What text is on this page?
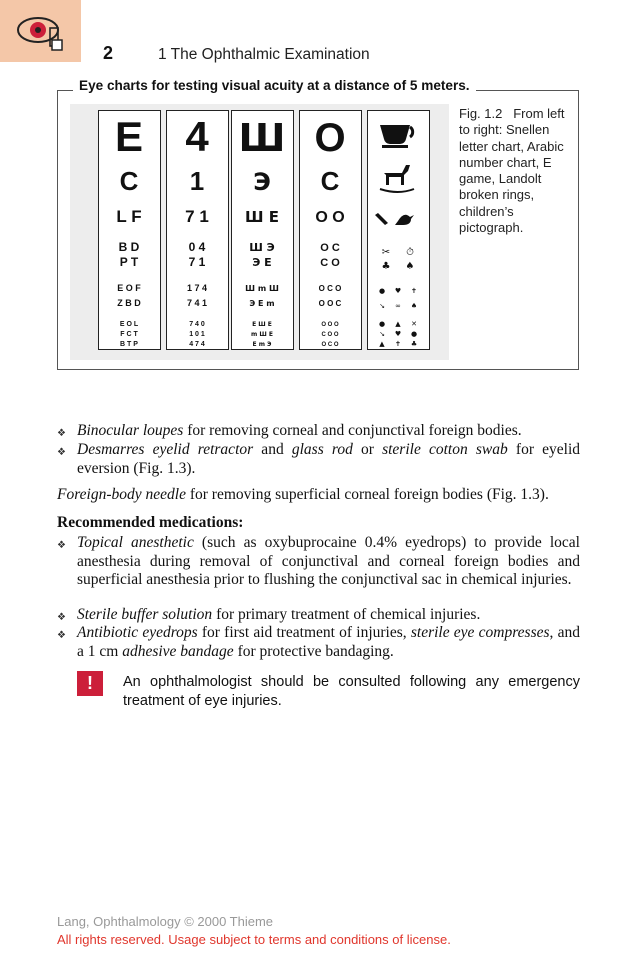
2	1 The Ophthalmic Examination
Eye charts for testing visual acuity at a distance of 5 meters.
E
C
L F
B D
P T
E O F
Z B D
E O L
F C T
B T P
4
1
7 1
0 4
7 1
1 7 4
7 4 1
7 4 0
1 0 1
4 7 4
Ш
Э
Ш E
Ш Э
Э E
Ш m Ш
Э E m
E Ш E
m Ш E
E m Э
O
C
O O
O C
C O
O C O
O O C
O O O
C O O
O C O
✂ ⏱
♣ ♠
● ♥ ✝
↘ ∞ ♠
● ▲ ✕
↘ ♥ ●
▲ ✝ ♣
Fig. 1.2 From left to right: Snellen letter chart, Arabic number chart, E game, Landolt broken rings, children’s pictograph.
❖ Binocular loupes for removing corneal and conjunctival foreign bodies.
❖ Desmarres eyelid retractor and glass rod or sterile cotton swab for eyelid eversion (Fig. 1.3).
Foreign-body needle for removing superficial corneal foreign bodies (Fig. 1.3).
Recommended medications:
❖ Topical anesthetic (such as oxybuprocaine 0.4% eyedrops) to provide local anesthesia during removal of conjunctival and corneal foreign bodies and superficial anesthesia prior to flushing the conjunctival sac in chemical injuries.
❖ Sterile buffer solution for primary treatment of chemical injuries.
❖ Antibiotic eyedrops for first aid treatment of injuries, sterile eye compresses, and a 1 cm adhesive bandage for protective bandaging.
!	An ophthalmologist should be consulted following any emergency treatment of eye injuries.
Lang, Ophthalmology © 2000 Thieme
All rights reserved. Usage subject to terms and conditions of license.
